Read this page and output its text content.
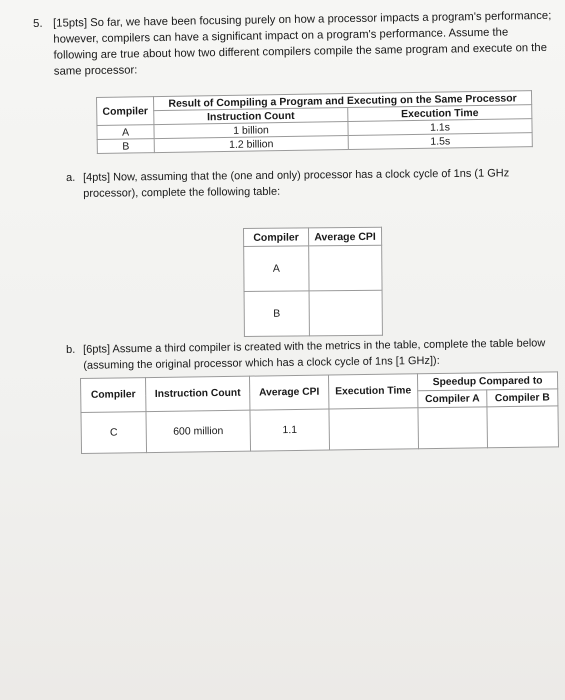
5. [15pts] So far, we have been focusing purely on how a processor impacts a program's performance; however, compilers can have a significant impact on a program's performance. Assume the following are true about how two different compilers compile the same program and execute on the same processor:
Compiler	Result of Compiling a Program and Executing on the Same Processor	
	Instruction Count	Execution Time
A	1 billion	1.1s
B	1.2 billion	1.5s
a. [4pts] Now, assuming that the (one and only) processor has a clock cycle of 1ns (1 GHz processor), complete the following table:
Compiler	Average CPI
A	
B	
b. [6pts] Assume a third compiler is created with the metrics in the table, complete the table below (assuming the original processor which has a clock cycle of 1ns [1 GHz]):
Compiler	Instruction Count	Average CPI	Execution Time	Speedup Compared to	
				Compiler A	Compiler B
C	600 million	1.1			
